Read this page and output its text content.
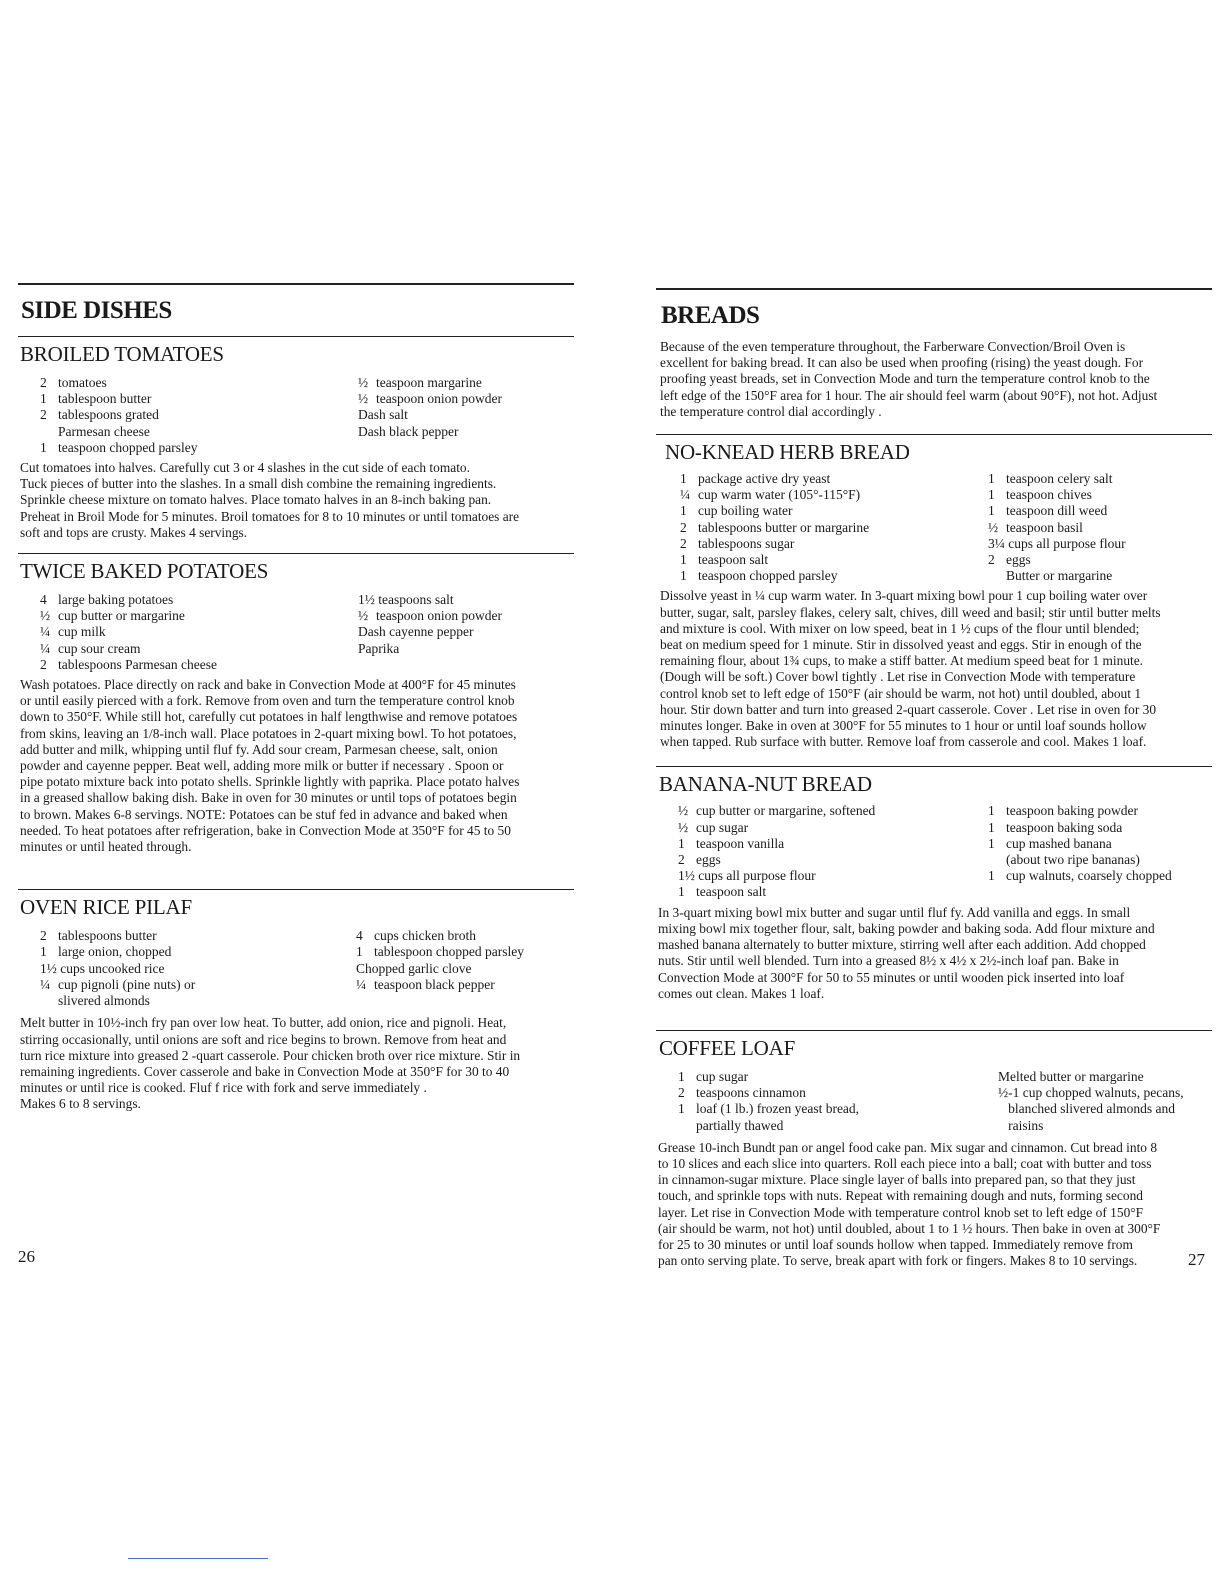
SIDE DISHES
BROILED TOMATOES
2 tomatoes
1 tablespoon butter
2 tablespoons grated
Parmesan cheese
1 teaspoon chopped parsley
½ teaspoon margarine
½ teaspoon onion powder
Dash salt
Dash black pepper
Cut tomatoes into halves. Carefully cut 3 or 4 slashes in the cut side of each tomato.
Tuck pieces of butter into the slashes. In a small dish combine the remaining ingredients.
Sprinkle cheese mixture on tomato halves. Place tomato halves in an 8-inch baking pan.
Preheat in Broil Mode for 5 minutes. Broil tomatoes for 8 to 10 minutes or until tomatoes are
soft and tops are crusty. Makes 4 servings.
TWICE BAKED POTATOES
4 large baking potatoes
½ cup butter or margarine
¼ cup milk
¼ cup sour cream
2 tablespoons Parmesan cheese
1½ teaspoons salt
½ teaspoon onion powder
Dash cayenne pepper
Paprika
Wash potatoes. Place directly on rack and bake in Convection Mode at 400°F for 45 minutes
or until easily pierced with a fork. Remove from oven and turn the temperature control knob
down to 350°F. While still hot, carefully cut potatoes in half lengthwise and remove potatoes
from skins, leaving an 1/8-inch wall. Place potatoes in 2-quart mixing bowl. To hot potatoes,
add butter and milk, whipping until fluf fy. Add sour cream, Parmesan cheese, salt, onion
powder and cayenne pepper. Beat well, adding more milk or butter if necessary . Spoon or
pipe potato mixture back into potato shells. Sprinkle lightly with paprika. Place potato halves
in a greased shallow baking dish. Bake in oven for 30 minutes or until tops of potatoes begin
to brown. Makes 6-8 servings. NOTE: Potatoes can be stuf fed in advance and baked when
needed. To heat potatoes after refrigeration, bake in Convection Mode at 350°F for 45 to 50
minutes or until heated through.
OVEN RICE PILAF
2 tablespoons butter
1 large onion, chopped
1½ cups uncooked rice
¼ cup pignoli (pine nuts) or
slivered almonds
4 cups chicken broth
1 tablespoon chopped parsley
Chopped garlic clove
¼ teaspoon black pepper
Melt butter in 10½-inch fry pan over low heat. To butter, add onion, rice and pignoli. Heat,
stirring occasionally, until onions are soft and rice begins to brown. Remove from heat and
turn rice mixture into greased 2 -quart casserole. Pour chicken broth over rice mixture. Stir in
remaining ingredients. Cover casserole and bake in Convection Mode at 350°F for 30 to 40
minutes or until rice is cooked. Fluf f rice with fork and serve immediately .
Makes 6 to 8 servings.
26
BREADS
Because of the even temperature throughout, the Farberware Convection/Broil Oven is
excellent for baking bread. It can also be used when proofing (rising) the yeast dough. For
proofing yeast breads, set in Convection Mode and turn the temperature control knob to the
left edge of the 150°F area for 1 hour. The air should feel warm (about 90°F), not hot. Adjust
the temperature control dial accordingly .
NO-KNEAD HERB BREAD
1 package active dry yeast
¼ cup warm water (105°-115°F)
1 cup boiling water
2 tablespoons butter or margarine
2 tablespoons sugar
1 teaspoon salt
1 teaspoon chopped parsley
1 teaspoon celery salt
1 teaspoon chives
1 teaspoon dill weed
½ teaspoon basil
3¼ cups all purpose flour
2 eggs
Butter or margarine
Dissolve yeast in ¼ cup warm water. In 3-quart mixing bowl pour 1 cup boiling water over
butter, sugar, salt, parsley flakes, celery salt, chives, dill weed and basil; stir until butter melts
and mixture is cool. With mixer on low speed, beat in 1 ½ cups of the flour until blended;
beat on medium speed for 1 minute. Stir in dissolved yeast and eggs. Stir in enough of the
remaining flour, about 1¾ cups, to make a stiff batter. At medium speed beat for 1 minute.
(Dough will be soft.) Cover bowl tightly . Let rise in Convection Mode with temperature
control knob set to left edge of 150°F (air should be warm, not hot) until doubled, about 1
hour. Stir down batter and turn into greased 2-quart casserole. Cover . Let rise in oven for 30
minutes longer. Bake in oven at 300°F for 55 minutes to 1 hour or until loaf sounds hollow
when tapped. Rub surface with butter. Remove loaf from casserole and cool. Makes 1 loaf.
BANANA-NUT BREAD
½ cup butter or margarine, softened
½ cup sugar
1 teaspoon vanilla
2 eggs
1½ cups all purpose flour
1 teaspoon salt
1 teaspoon baking powder
1 teaspoon baking soda
1 cup mashed banana
(about two ripe bananas)
1 cup walnuts, coarsely chopped
In 3-quart mixing bowl mix butter and sugar until fluf fy. Add vanilla and eggs. In small
mixing bowl mix together flour, salt, baking powder and baking soda. Add flour mixture and
mashed banana alternately to butter mixture, stirring well after each addition. Add chopped
nuts. Stir until well blended. Turn into a greased 8½ x 4½ x 2½-inch loaf pan. Bake in
Convection Mode at 300°F for 50 to 55 minutes or until wooden pick inserted into loaf
comes out clean. Makes 1 loaf.
COFFEE LOAF
1 cup sugar
2 teaspoons cinnamon
1 loaf (1 lb.) frozen yeast bread,
partially thawed
Melted butter or margarine
½-1 cup chopped walnuts, pecans,
blanched slivered almonds and
raisins
Grease 10-inch Bundt pan or angel food cake pan. Mix sugar and cinnamon. Cut bread into 8
to 10 slices and each slice into quarters. Roll each piece into a ball; coat with butter and toss
in cinnamon-sugar mixture. Place single layer of balls into prepared pan, so that they just
touch, and sprinkle tops with nuts. Repeat with remaining dough and nuts, forming second
layer. Let rise in Convection Mode with temperature control knob set to left edge of 150°F
(air should be warm, not hot) until doubled, about 1 to 1 ½ hours. Then bake in oven at 300°F
for 25 to 30 minutes or until loaf sounds hollow when tapped. Immediately remove from
pan onto serving plate. To serve, break apart with fork or fingers. Makes 8 to 10 servings.	27
